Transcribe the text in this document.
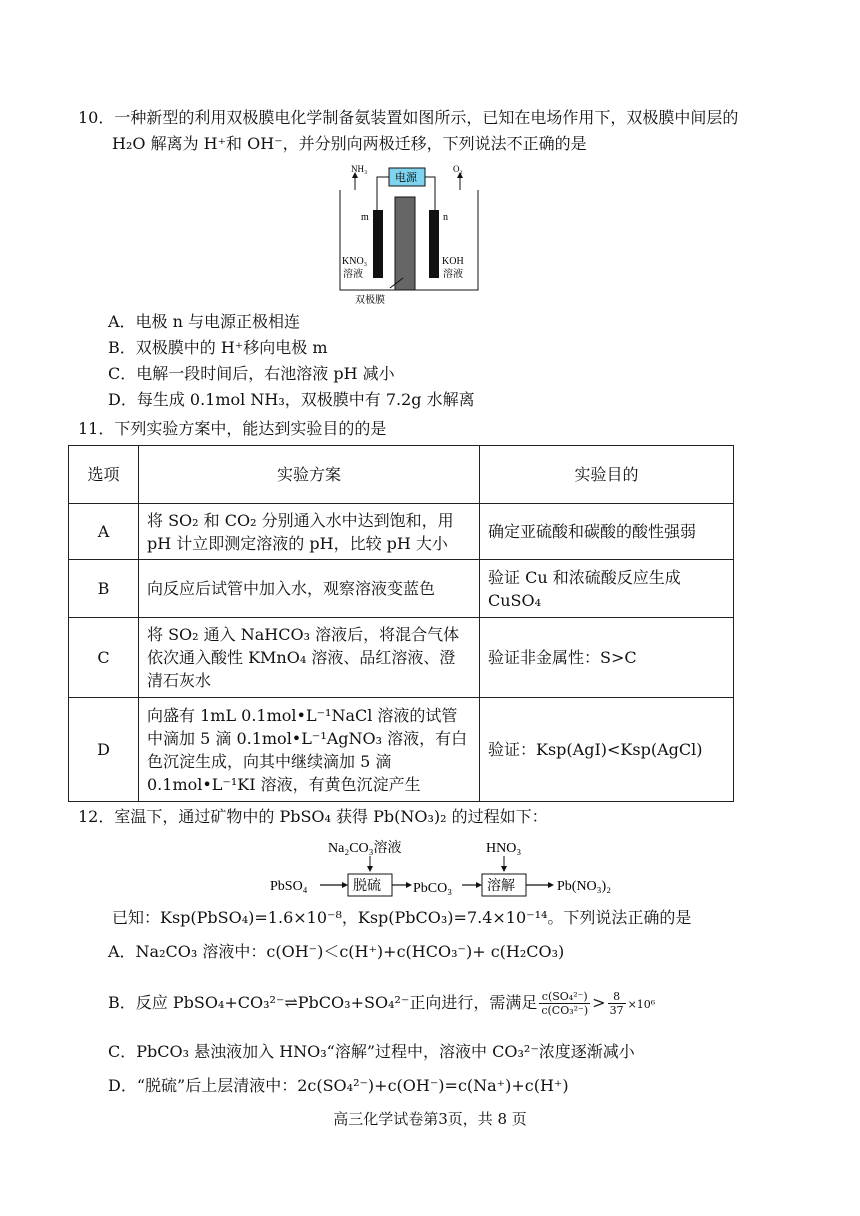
10．一种新型的利用双极膜电化学制备氨装置如图所示，已知在电场作用下，双极膜中间层的
H₂O 解离为 H⁺和 OH⁻，并分别向两极迁移，下列说法不正确的是
NH₃	O₂
电源
m	n
双极膜
KNO₃
溶液
KOH
溶液
A．电极 n 与电源正极相连
B．双极膜中的 H⁺移向电极 m
C．电解一段时间后，右池溶液 pH 减小
D．每生成 0.1mol NH₃，双极膜中有 7.2g 水解离
11．下列实验方案中，能达到实验目的的是
选项	实验方案	实验目的
A	将 SO₂ 和 CO₂ 分别通入水中达到饱和，用 pH 计立即测定溶液的 pH，比较 pH 大小	确定亚硫酸和碳酸的酸性强弱
B	向反应后试管中加入水，观察溶液变蓝色	验证 Cu 和浓硫酸反应生成 CuSO₄
C	将 SO₂ 通入 NaHCO₃ 溶液后，将混合气体依次通入酸性 KMnO₄ 溶液、品红溶液、澄清石灰水	验证非金属性：S>C
D	向盛有 1mL 0.1mol•L⁻¹NaCl 溶液的试管中滴加 5 滴 0.1mol•L⁻¹AgNO₃ 溶液，有白色沉淀生成，向其中继续滴加 5 滴 0.1mol•L⁻¹KI 溶液，有黄色沉淀产生	验证：Ksp(AgI)<Ksp(AgCl)
12．室温下，通过矿物中的 PbSO₄ 获得 Pb(NO₃)₂ 的过程如下：
Na₂CO₃溶液	HNO₃
PbSO₄	脱硫 PbCO₃ 溶解	Pb(NO₃)₂
已知：Ksp(PbSO₄)=1.6×10⁻⁸，Ksp(PbCO₃)=7.4×10⁻¹⁴。下列说法正确的是
A．Na₂CO₃ 溶液中：c(OH⁻)＜c(H⁺)+c(HCO₃⁻)+ c(H₂CO₃)
B．反应 PbSO₄+CO₃²⁻⇌PbCO₃+SO₄²⁻正向进行，需满足 $\frac{\text{c(SO₄²⁻)}}{\text{c(CO₃²⁻)}} > \frac{8}{37} \times 10^6$
C．PbCO₃ 悬浊液加入 HNO₃“溶解”过程中，溶液中 CO₃²⁻浓度逐渐减小
D．“脱硫”后上层清液中：2c(SO₄²⁻)+c(OH⁻)=c(Na⁺)+c(H⁺)
高三化学试卷第3页，共 8 页
